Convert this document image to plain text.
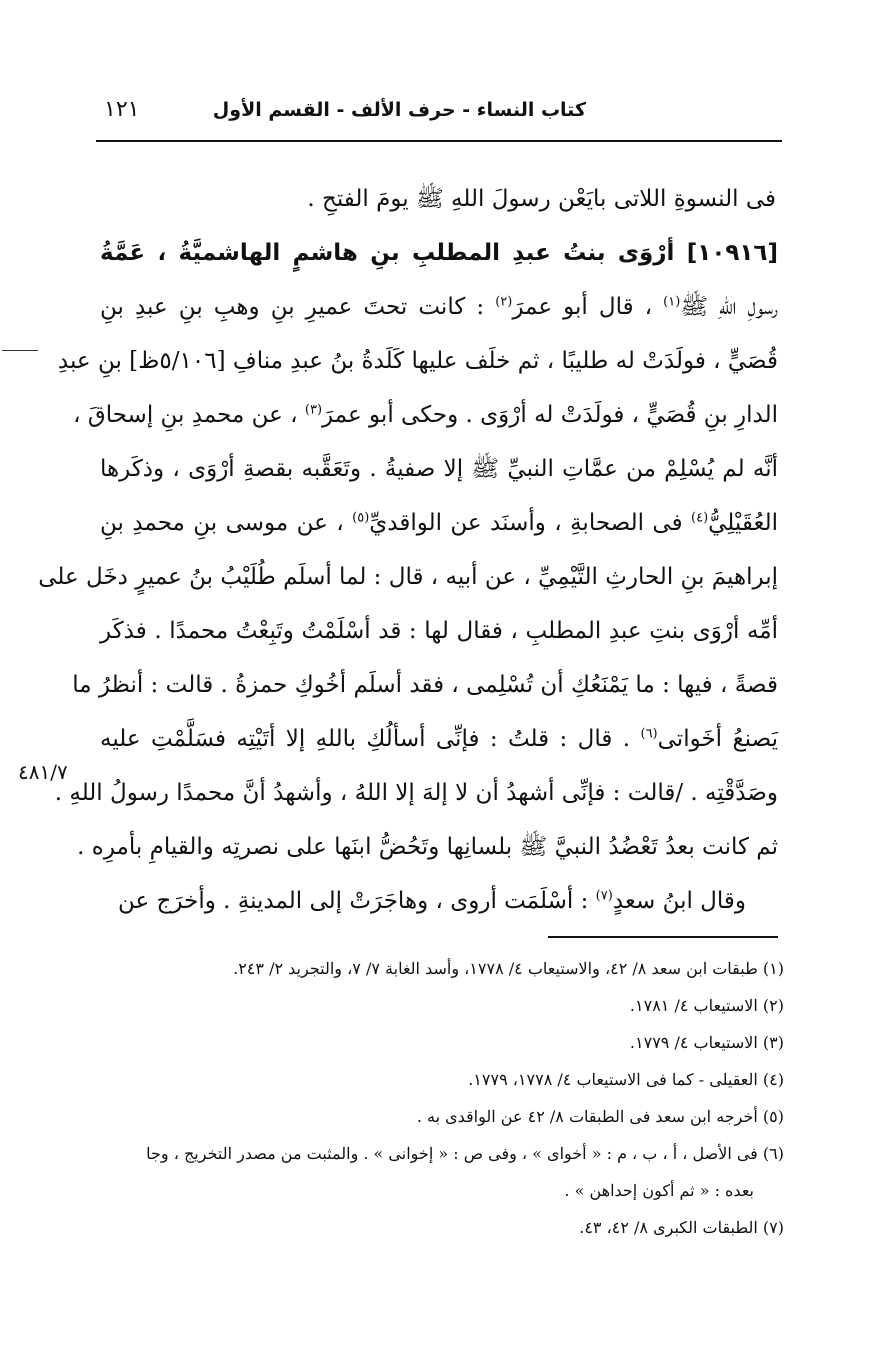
كتاب النساء - حرف الألف - القسم الأول
١٢١
٤٨١/٧
فى النسوةِ اللاتى بايَعْن رسولَ اللهِ ﷺ يومَ الفتحِ .
[١٠٩١٦] أرْوَى بنتُ عبدِ المطلبِ بنِ هاشمٍ الهاشميَّةُ ، عَمَّةُ
رسولِ اللهِ ﷺ$^{(١)}$ ، قال أبو عمرَ$^{(٢)}$ : كانت تحتَ عميرِ بنِ وهبِ بنِ عبدِ بنِ
قُصَيٍّ ، فولَدَتْ له طليبًا ، ثم خلَف عليها كَلَدةُ بنُ عبدِ منافِ [٥/١٠٦ظ] بنِ عبدِ
الدارِ بنِ قُصَيٍّ ، فولَدَتْ له أرْوَى . وحكى أبو عمرَ$^{(٣)}$ ، عن محمدِ بنِ إسحاقَ ،
أنَّه لم يُسْلِمْ من عمَّاتِ النبيِّ ﷺ إلا صفيةُ . وتَعَقَّبه بقصةِ أرْوَى ، وذكَرها
العُقَيْلِيُّ$^{(٤)}$ فى الصحابةِ ، وأسنَد عن الواقديِّ$^{(٥)}$ ، عن موسى بنِ محمدِ بنِ
إبراهيمَ بنِ الحارثِ التَّيْمِيِّ ، عن أبيه ، قال : لما أسلَم طُلَيْبُ بنُ عميرٍ دخَل على
أمِّه أرْوَى بنتِ عبدِ المطلبِ ، فقال لها : قد أسْلَمْتُ وتَبِعْتُ محمدًا . فذكَر
قصةً ، فيها : ما يَمْنَعُكِ أن تُسْلِمى ، فقد أسلَم أخُوكِ حمزةُ . قالت : أنظرُ ما
يَصنعُ أخَواتى$^{(٦)}$ . قال : قلتُ : فإنِّى أسألُكِ باللهِ إلا أتَيْتِه فسَلَّمْتِ عليه
وصَدَّقْتِه . /قالت : فإنِّى أشهدُ أن لا إلهَ إلا اللهُ ، وأشهدُ أنَّ محمدًا رسولُ اللهِ .
ثم كانت بعدُ تَعْضُدُ النبيَّ ﷺ بلسانِها وتَحُضُّ ابنَها على نصرتِه والقيامِ بأمرِه .
وقال ابنُ سعدٍ$^{(٧)}$ : أسْلَمَت أروى ، وهاجَرَتْ إلى المدينةِ . وأخرَج عن
(١) طبقات ابن سعد ٨/ ٤٢، والاستيعاب ٤/ ١٧٧٨، وأسد الغابة ٧/ ٧، والتجريد ٢/ ٢٤٣.
(٢) الاستيعاب ٤/ ١٧٨١.
(٣) الاستيعاب ٤/ ١٧٧٩.
(٤) العقيلى - كما فى الاستيعاب ٤/ ١٧٧٨، ١٧٧٩.
(٥) أخرجه ابن سعد فى الطبقات ٨/ ٤٢ عن الواقدى به .
(٦) فى الأصل ، أ ، ب ، م : « أخواى » ، وفى ص : « إخوانى » . والمثبت من مصدر التخريج ، وجا
بعده : « ثم أكون إحداهن » .
(٧) الطبقات الكبرى ٨/ ٤٢، ٤٣.
